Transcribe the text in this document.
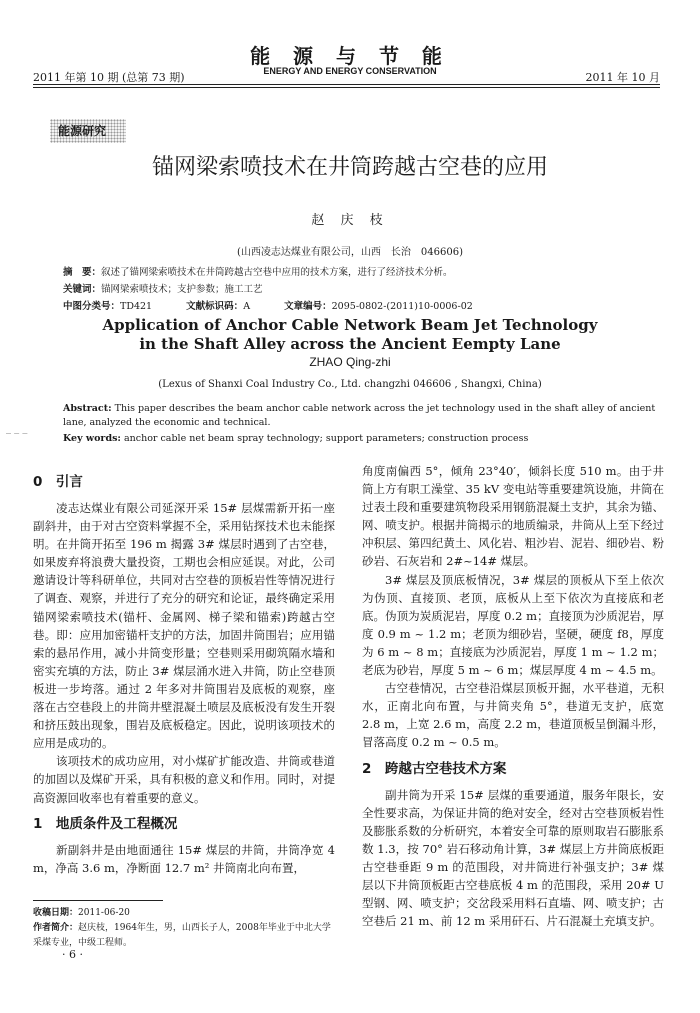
能 源 与 节 能
ENERGY AND ENERGY CONSERVATION
2011 年第 10 期 (总第 73 期)	2011 年 10 月
能源研究
锚网梁索喷技术在井筒跨越古空巷的应用
赵 庆 枝
(山西凌志达煤业有限公司，山西　长治　046606)
摘　要：叙述了锚网梁索喷技术在井筒跨越古空巷中应用的技术方案，进行了经济技术分析。
关键词：锚网梁索喷技术；支护参数；施工工艺
中图分类号：TD421	文献标识码：A	文章编号：2095-0802-(2011)10-0006-02
Application of Anchor Cable Network Beam Jet Technology
in the Shaft Alley across the Ancient Eempty Lane
ZHAO Qing-zhi
(Lexus of Shanxi Coal Industry Co., Ltd. changzhi 046606 , Shangxi, China)
Abstract: This paper describes the beam anchor cable network across the jet technology used in the shaft alley of ancient lane, analyzed the economic and technical.
_ _ _
Key words: anchor cable net beam spray technology; support parameters; construction process
0　引言

凌志达煤业有限公司延深开采 15# 层煤需新开拓一座副斜井，由于对古空资料掌握不全，采用钻探技术也未能探明。在井筒开拓至 196 m 揭露 3# 煤层时遇到了古空巷，如果废弃将浪费大量投资，工期也会相应延误。对此，公司邀请设计等科研单位，共同对古空巷的顶板岩性等情况进行了调查、观察，并进行了充分的研究和论证，最终确定采用锚网梁索喷技术(锚杆、金属网、梯子梁和锚索)跨越古空巷。即：应用加密锚杆支护的方法，加固井筒围岩；应用锚索的悬吊作用，减小井筒变形量；空巷则采用砌筑隔水墙和密实充填的方法，防止 3# 煤层涌水进入井筒，防止空巷顶板进一步垮落。通过 2 年多对井筒围岩及底板的观察，座落在古空巷段上的井筒井壁混凝土喷层及底板没有发生开裂和挤压鼓出现象，围岩及底板稳定。因此，说明该项技术的应用是成功的。

该项技术的成功应用，对小煤矿扩能改造、井筒或巷道的加固以及煤矿开采，具有积极的意义和作用。同时，对提高资源回收率也有着重要的意义。

1　地质条件及工程概况

新副斜井是由地面通往 15# 煤层的井筒，井筒净宽 4 m，净高 3.6 m，净断面 12.7 m² 井筒南北向布置，

角度南偏西 5°，倾角 23°40′，倾斜长度 510 m。由于井筒上方有职工澡堂、35 kV 变电站等重要建筑设施，井筒在过表土段和重要建筑物段采用钢筋混凝土支护，其余为锚、网、喷支护。根据井筒揭示的地质编录，井筒从上至下经过冲积层、第四纪黄土、风化岩、粗沙岩、泥岩、细砂岩、粉砂岩、石灰岩和 2#~14# 煤层。

3# 煤层及顶底板情况，3# 煤层的顶板从下至上依次为伪顶、直接顶、老顶，底板从上至下依次为直接底和老底。伪顶为炭质泥岩，厚度 0.2 m；直接顶为沙质泥岩，厚度 0.9 m ~ 1.2 m；老顶为细砂岩，坚硬，硬度 f8，厚度为 6 m ~ 8 m；直接底为沙质泥岩，厚度 1 m ~ 1.2 m；老底为砂岩，厚度 5 m ~ 6 m；煤层厚度 4 m ~ 4.5 m。

古空巷情况，古空巷沿煤层顶板开掘，水平巷道，无积水，正南北向布置，与井筒夹角 5°，巷道无支护，底宽 2.8 m，上宽 2.6 m，高度 2.2 m，巷道顶板呈倒漏斗形，冒落高度 0.2 m ~ 0.5 m。

2　跨越古空巷技术方案

副井筒为开采 15# 层煤的重要通道，服务年限长，安全性要求高，为保证井筒的绝对安全，经对古空巷顶板岩性及膨胀系数的分析研究，本着安全可靠的原则取岩石膨胀系数 1.3，按 70° 岩石移动角计算，3# 煤层上方井筒底板距古空巷垂距 9 m 的范围段，对井筒进行补强支护；3# 煤层以下井筒顶板距古空巷底板 4 m 的范围段，采用 20# U 型钢、网、喷支护；交岔段采用料石直墙、网、喷支护；古空巷后 21 m、前 12 m 采用矸石、片石混凝土充填支护。

收稿日期：2011-06-20
作者简介：赵庆枝，1964年生，男，山西长子人，2008年毕业于中北大学采煤专业，中级工程师。
· 6 ·
